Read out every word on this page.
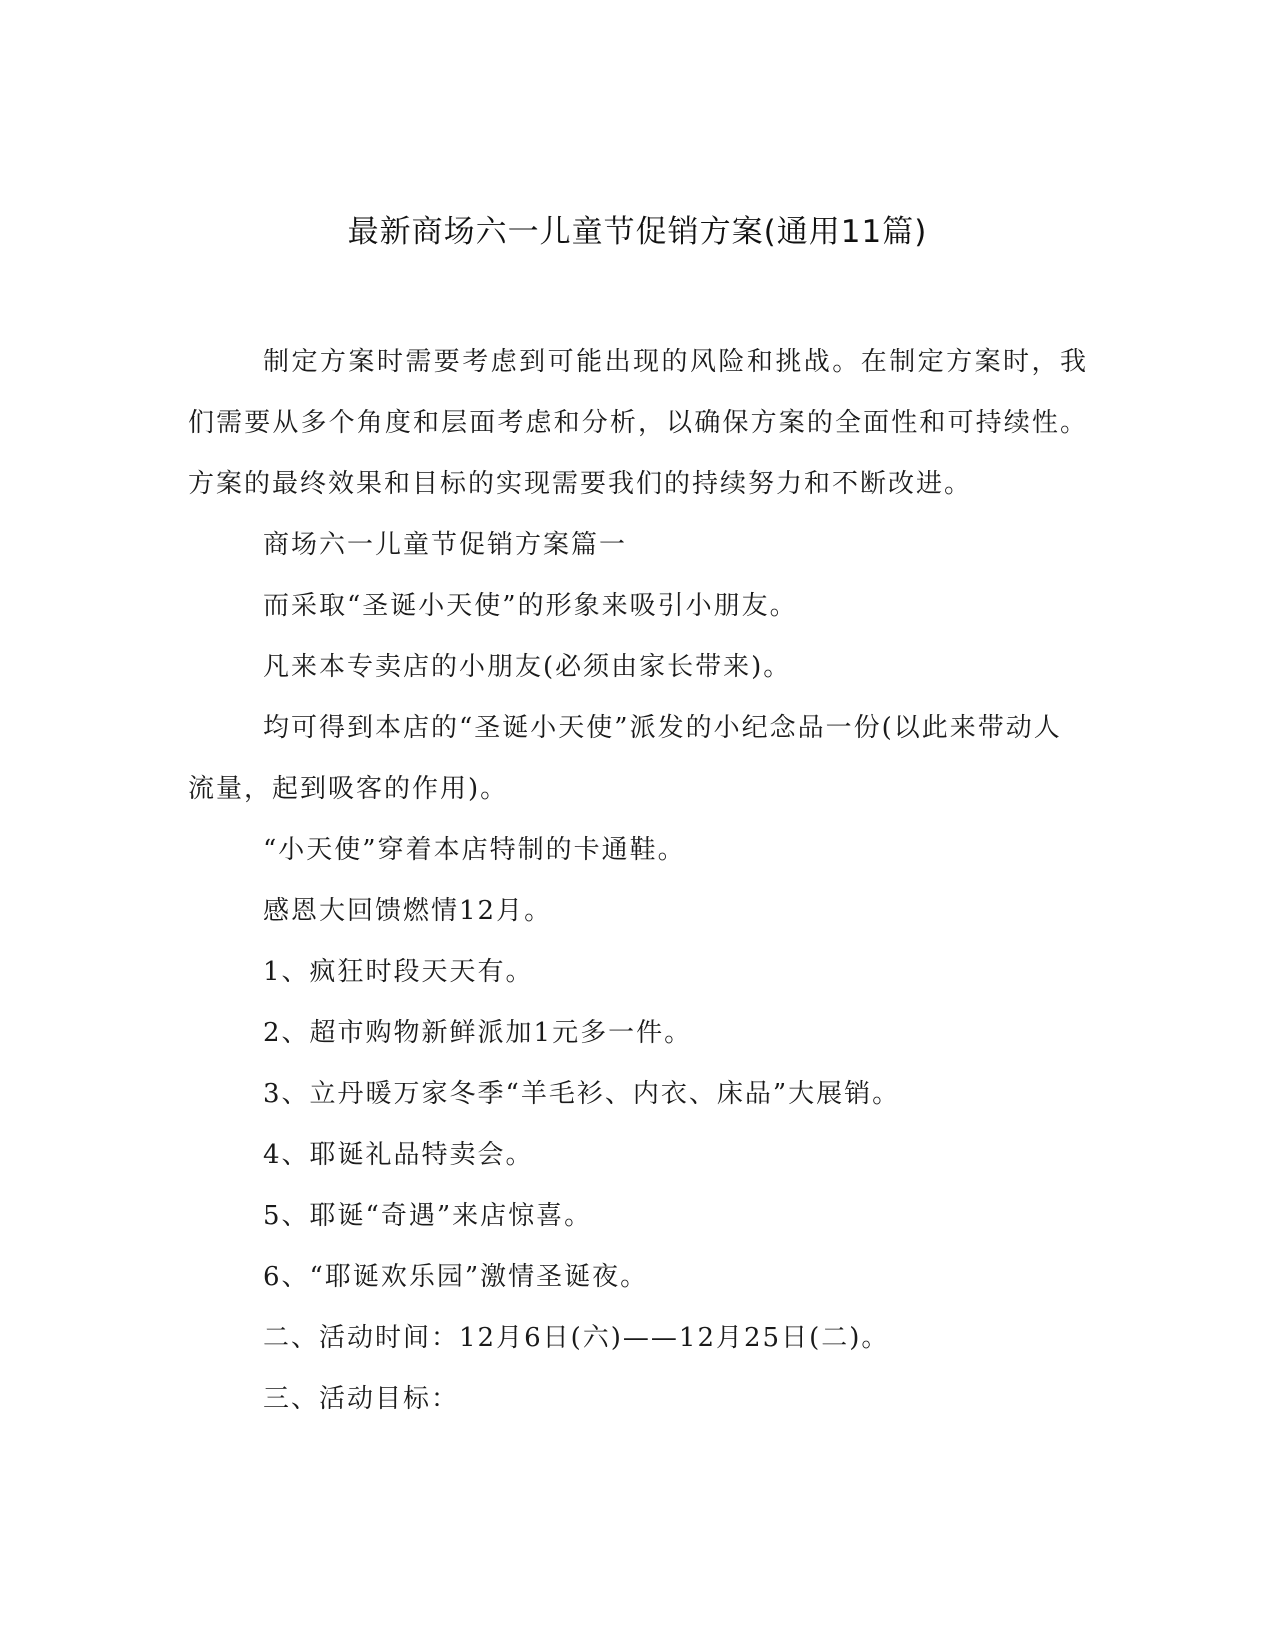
最新商场六一儿童节促销方案(通用11篇)

制定方案时需要考虑到可能出现的风险和挑战。在制定方案时，我们需要从多个角度和层面考虑和分析，以确保方案的全面性和可持续性。方案的最终效果和目标的实现需要我们的持续努力和不断改进。

商场六一儿童节促销方案篇一

而采取“圣诞小天使”的形象来吸引小朋友。

凡来本专卖店的小朋友(必须由家长带来)。

均可得到本店的“圣诞小天使”派发的小纪念品一份(以此来带动人流量，起到吸客的作用)。

“小天使”穿着本店特制的卡通鞋。

感恩大回馈燃情12月。

1、疯狂时段天天有。

2、超市购物新鲜派加1元多一件。

3、立丹暖万家冬季“羊毛衫、内衣、床品”大展销。

4、耶诞礼品特卖会。

5、耶诞“奇遇”来店惊喜。

6、“耶诞欢乐园”激情圣诞夜。

二、活动时间：12月6日(六)——12月25日(二)。

三、活动目标：
